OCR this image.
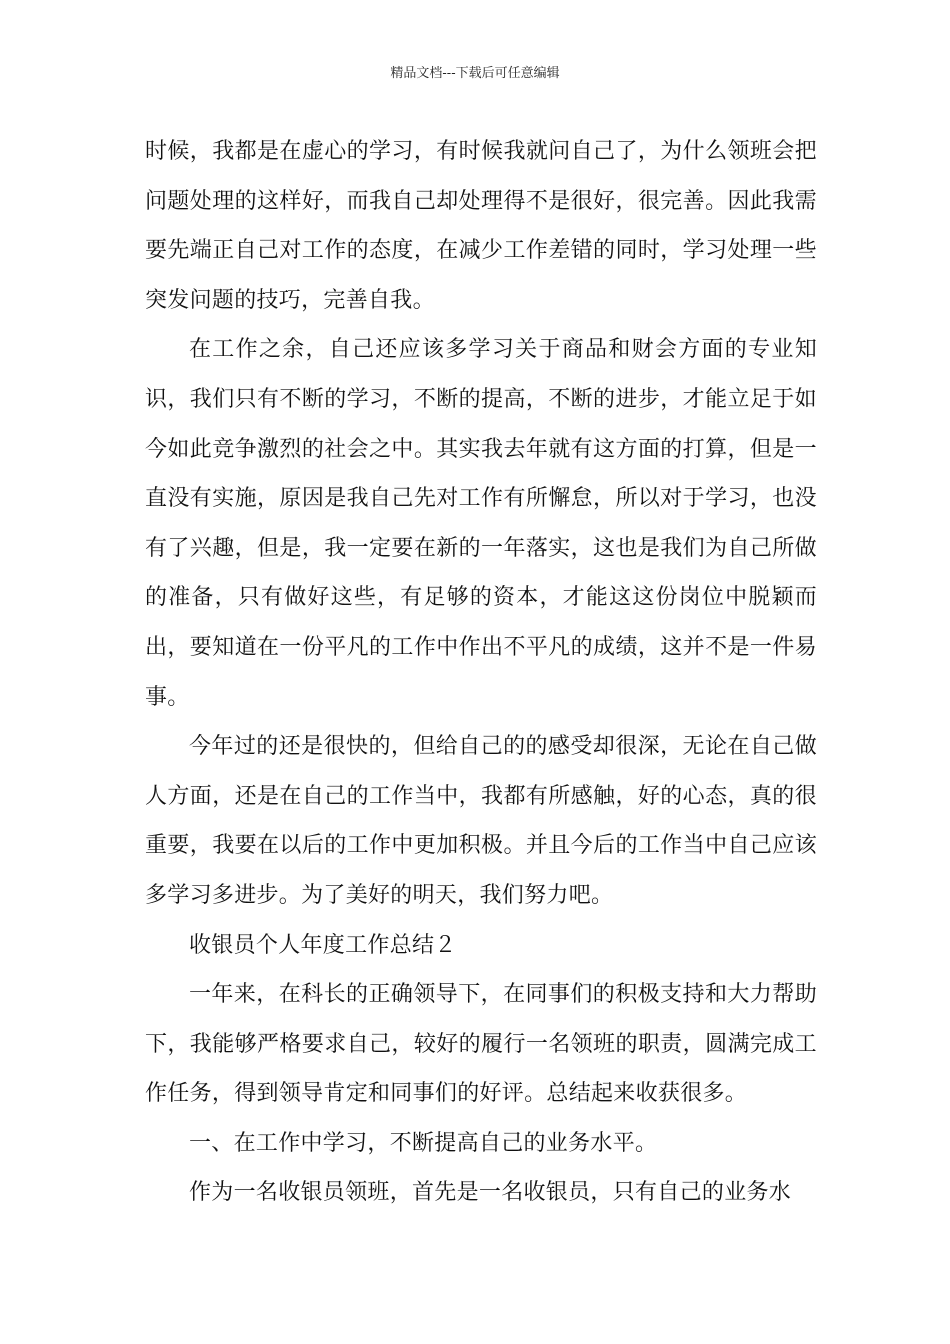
精品文档---下载后可任意编辑

时候，我都是在虚心的学习，有时候我就问自己了，为什么领班会把问题处理的这样好，而我自己却处理得不是很好，很完善。因此我需要先端正自己对工作的态度，在减少工作差错的同时，学习处理一些突发问题的技巧，完善自我。

在工作之余，自己还应该多学习关于商品和财会方面的专业知识，我们只有不断的学习，不断的提高，不断的进步，才能立足于如今如此竞争激烈的社会之中。其实我去年就有这方面的打算，但是一直没有实施，原因是我自己先对工作有所懈怠，所以对于学习，也没有了兴趣，但是，我一定要在新的一年落实，这也是我们为自己所做的准备，只有做好这些，有足够的资本，才能这这份岗位中脱颖而出，要知道在一份平凡的工作中作出不平凡的成绩，这并不是一件易事。

今年过的还是很快的，但给自己的的感受却很深，无论在自己做人方面，还是在自己的工作当中，我都有所感触，好的心态，真的很重要，我要在以后的工作中更加积极。并且今后的工作当中自己应该多学习多进步。为了美好的明天，我们努力吧。

收银员个人年度工作总结２

一年来，在科长的正确领导下，在同事们的积极支持和大力帮助下，我能够严格要求自己，较好的履行一名领班的职责，圆满完成工作任务，得到领导肯定和同事们的好评。总结起来收获很多。

一、在工作中学习，不断提高自己的业务水平。

作为一名收银员领班，首先是一名收银员，只有自己的业务水
